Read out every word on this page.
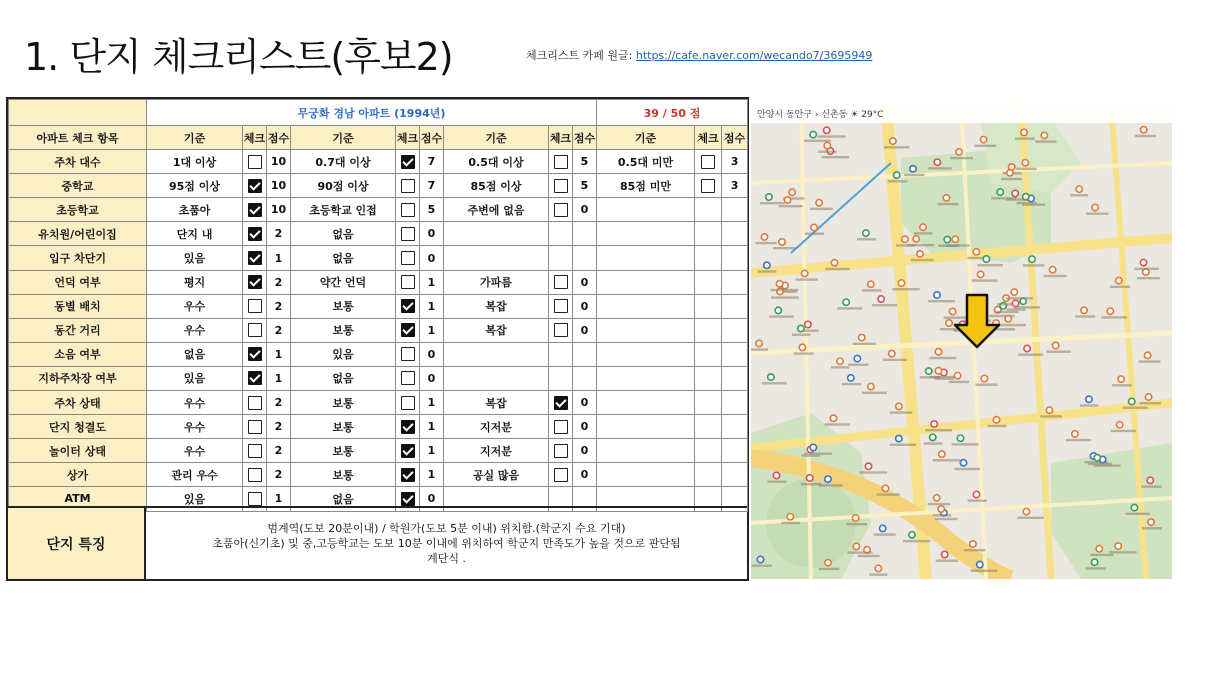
1. 단지 체크리스트(후보2)	체크리스트 카페 원글: https://cafe.naver.com/wecando7/3695949
	무궁화 경남 아파트 (1994년)									39 / 50 점		
아파트 체크 항목	기준	체크	점수	기준	체크	점수	기준	체크	점수	기준	체크	점수
주차 대수	1대 이상		10	0.7대 이상		7	0.5대 이상		5	0.5대 미만		3
중학교	95점 이상		10	90점 이상		7	85점 이상		5	85점 미만		3
초등학교	초품아		10	초등학교 인접		5	주변에 없음		0			
유치원/어린이집	단지 내		2	없음		0						
입구 차단기	있음		1	없음		0						
언덕 여부	평지		2	약간 언덕		1	가파름		0			
동별 배치	우수		2	보통		1	복잡		0			
동간 거리	우수		2	보통		1	복잡		0			
소음 여부	없음		1	있음		0						
지하주차장 여부	있음		1	없음		0						
주차 상태	우수		2	보통		1	복잡		0			
단지 청결도	우수		2	보통		1	지저분		0			
놀이터 상태	우수		2	보통		1	지저분		0			
상가	관리 우수		2	보통		1	공실 많음		0			
ATM	있음		1	없음		0						
단지 특징
범계역(도보 20분이내) / 학원가(도보 5분 이내) 위치함.(학군지 수요 기대)
초품아(신기초) 및 중,고등학교는 도보 10분 이내에 위치하여 학군지 만족도가 높을 것으로 판단됨
계단식 .
안양시 동안구 › 신촌동 ☀ 29°C
